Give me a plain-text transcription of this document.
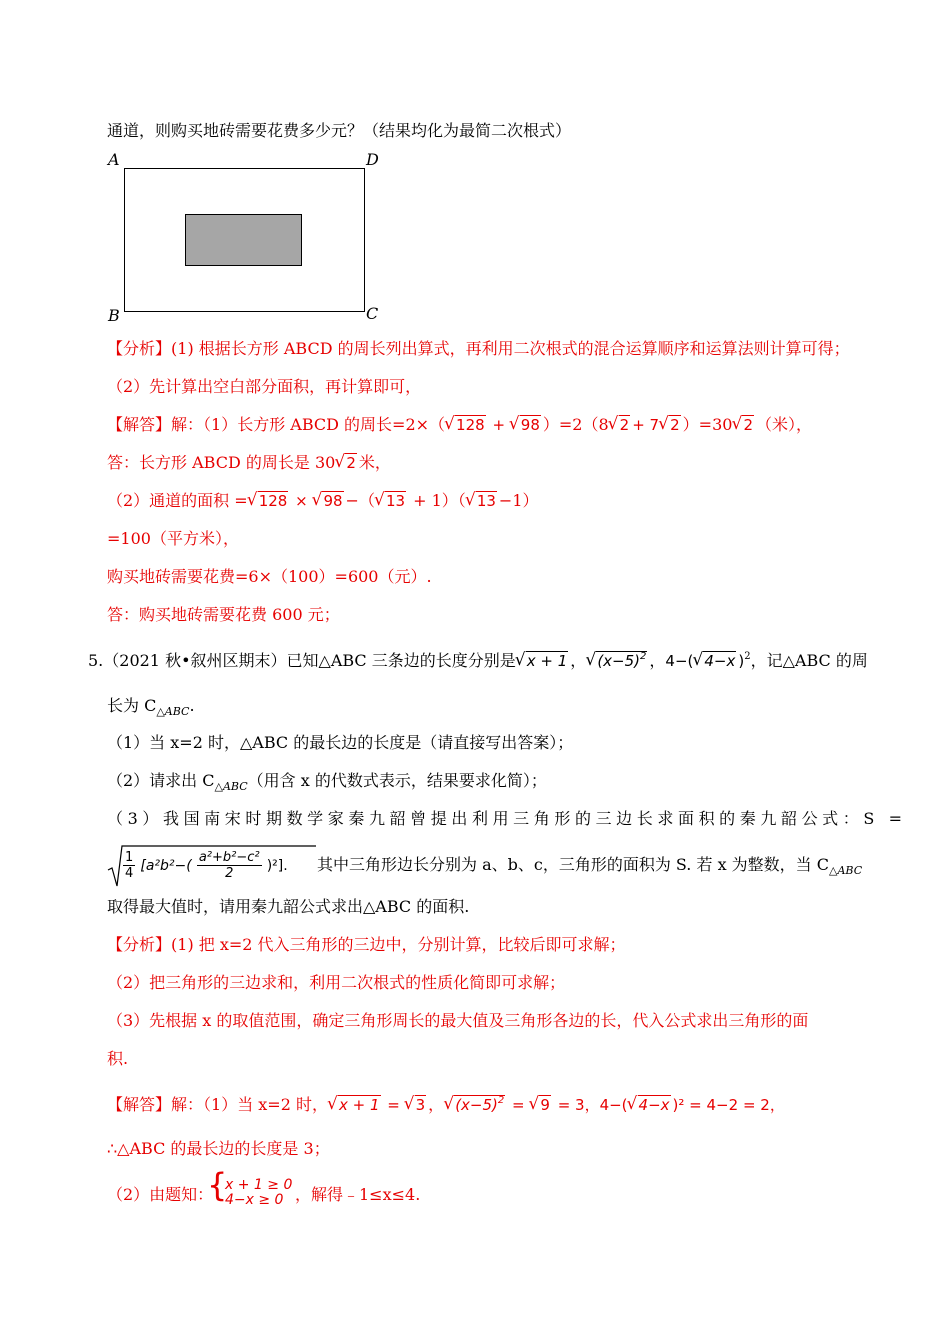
通道，则购买地砖需要花费多少元？（结果均化为最简二次根式）
A	D
B	C
【分析】(1) 根据长方形 ABCD 的周长列出算式，再利用二次根式的混合运算顺序和运算法则计算可得；
（2）先计算出空白部分面积，再计算即可，
【解答】解：（1）长方形 ABCD 的周长=2×（ √ 128 + √ 98 ）=2（8 √ 2 + 7 √ 2 ）=30 √ 2 （米），
答：长方形 ABCD 的周长是 30 √ 2 米，
（2）通道的面积 = √ 128 × √ 98 −（ √ 13 + 1）（ √ 13 −1）
=100（平方米），
购买地砖需要花费=6×（100）=600（元）.
答：购买地砖需要花费 600 元；
5.（2021 秋•叙州区期末）已知△ABC 三条边的长度分别是 √ x + 1 ， √ $(x-5)^2$ ，4−( √ 4−x )$^2$，记△ABC 的周
长为 $C_{\triangle ABC}$.
（1）当 x=2 时，△ABC 的最长边的长度是（请直接写出答案）；
（2）请求出 $C_{\triangle ABC}$（用含 x 的代数式表示，结果要求化简）；
（3）我国南宋时期数学家秦九韶曾提出利用三角形的三边长求面积的秦九韶公式：S =
$\frac{1}{4} [a^2b^2-( \frac{\text{a²+b²−c²}}{2} )^2]$. 其中三角形边长分别为 a、b、c，三角形的面积为 S. 若 x 为整数，当 $C_{\triangle ABC}$
取得最大值时，请用秦九韶公式求出△ABC 的面积.
【分析】(1) 把 x=2 代入三角形的三边中，分别计算，比较后即可求解；
（2）把三角形的三边求和，利用二次根式的性质化简即可求解；
（3）先根据 x 的取值范围，确定三角形周长的最大值及三角形各边的长，代入公式求出三角形的面
积.
【解答】解：（1）当 x=2 时， √ x + 1 = √ 3 ， √ $(x-5)^2$ = √ 9 = 3，4−( √ 4−x )² = 4−2 = 2，
∴△ABC 的最长边的长度是 3；
（2）由题知：
{
x + 1 ≥ 0
4−x ≥ 0 ，解得﹣1≤x≤4.
